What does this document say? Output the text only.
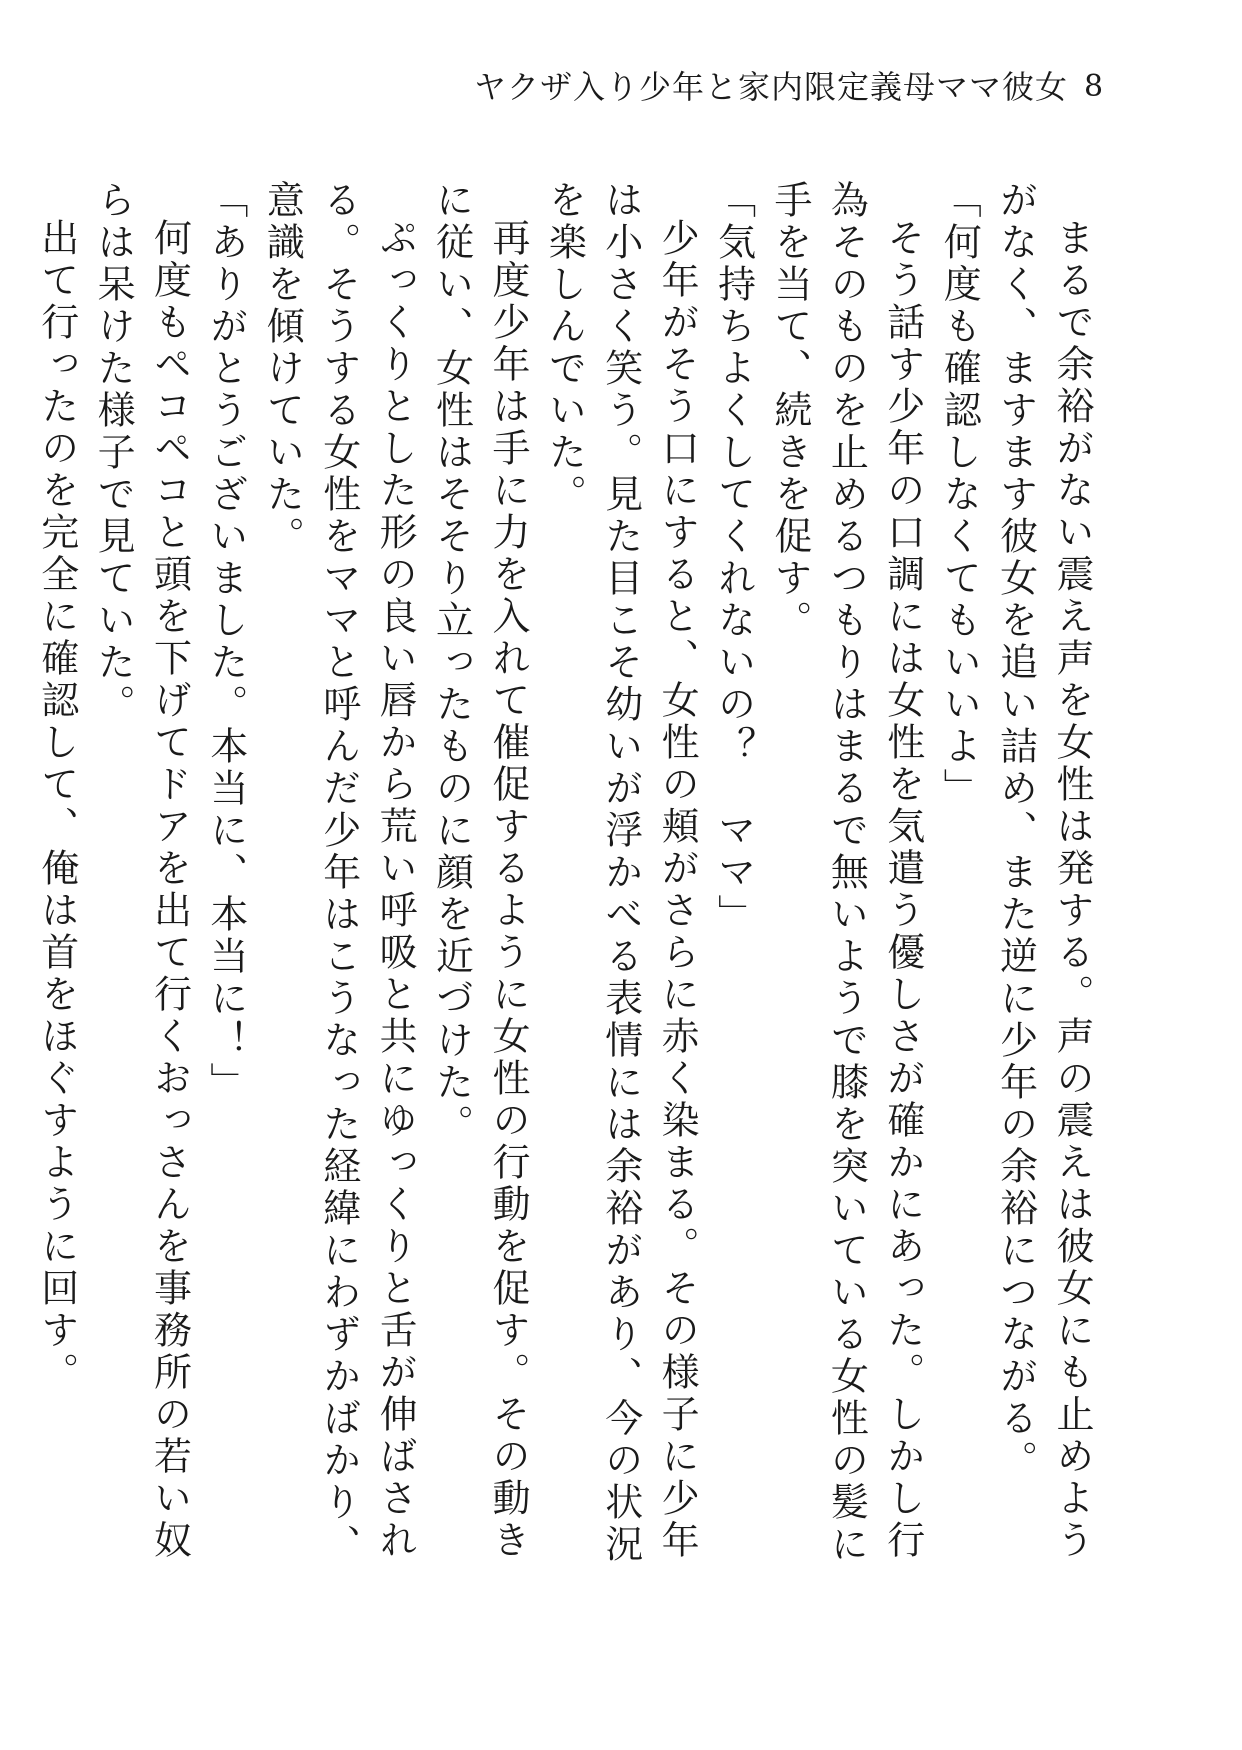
ヤクザ入り少年と家内限定義母ママ彼女 8

まるで余裕がない震え声を女性は発する。声の震えは彼女にも止めようがなく、ますます彼女を追い詰め、また逆に少年の余裕につながる。

「何度も確認しなくてもいいよ」

そう話す少年の口調には女性を気遣う優しさが確かにあった。しかし行為そのものを止めるつもりはまるで無いようで膝を突いている女性の髪に手を当て、続きを促す。

「気持ちよくしてくれないの？　ママ」

少年がそう口にすると、女性の頬がさらに赤く染まる。その様子に少年は小さく笑う。見た目こそ幼いが浮かべる表情には余裕があり、今の状況を楽しんでいた。

再度少年は手に力を入れて催促するように女性の行動を促す。その動きに従い、女性はそそり立ったものに顔を近づけた。

ぷっくりとした形の良い唇から荒い呼吸と共にゆっくりと舌が伸ばされる。そうする女性をママと呼んだ少年はこうなった経緯にわずかばかり、意識を傾けていた。

「ありがとうございました。本当に、本当に！」

何度もペコペコと頭を下げてドアを出て行くおっさんを事務所の若い奴らは呆けた様子で見ていた。

出て行ったのを完全に確認して、俺は首をほぐすように回す。
